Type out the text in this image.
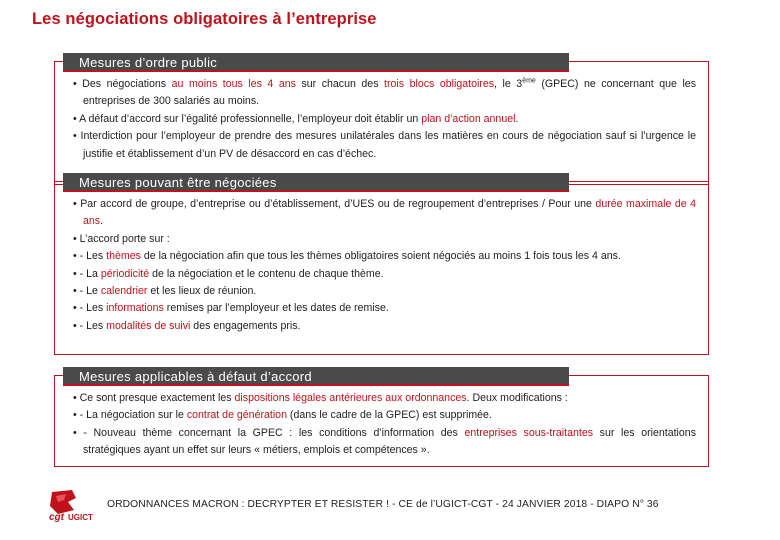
Les négociations obligatoires à l’entreprise
Mesures d’ordre public

• Des négociations au moins tous les 4 ans sur chacun des trois blocs obligatoires, le 3ème (GPEC) ne concernant que les entreprises de 300 salariés au moins.

• A défaut d’accord sur l’égalité professionnelle, l’employeur doit établir un plan d’action annuel.

• Interdiction pour l’employeur de prendre des mesures unilatérales dans les matières en cours de négociation sauf si l’urgence le justifie et établissement d’un PV de désaccord en cas d’échec.

Mesures pouvant être négociées

• Par accord de groupe, d’entreprise ou d’établissement, d’UES ou de regroupement d’entreprises / Pour une durée maximale de 4 ans.

• L’accord porte sur :

• - Les thèmes de la négociation afin que tous les thèmes obligatoires soient négociés au moins 1 fois tous les 4 ans.

• - La périodicité de la négociation et le contenu de chaque thème.

• - Le calendrier et les lieux de réunion.

• - Les informations remises par l’employeur et les dates de remise.

• - Les modalités de suivi des engagements pris.

Mesures applicables à défaut d’accord

• Ce sont presque exactement les dispositions légales antérieures aux ordonnances. Deux modifications :

• - La négociation sur le contrat de génération (dans le cadre de la GPEC) est supprimée.

• - Nouveau thème concernant la GPEC : les conditions d’information des entreprises sous-traitantes sur les orientations stratégiques ayant un effet sur leurs « métiers, emplois et compétences ».

cgt UGICT
ORDONNANCES MACRON : DECRYPTER ET RESISTER ! - CE de l’UGICT-CGT - 24 JANVIER 2018 - DIAPO N° 36
